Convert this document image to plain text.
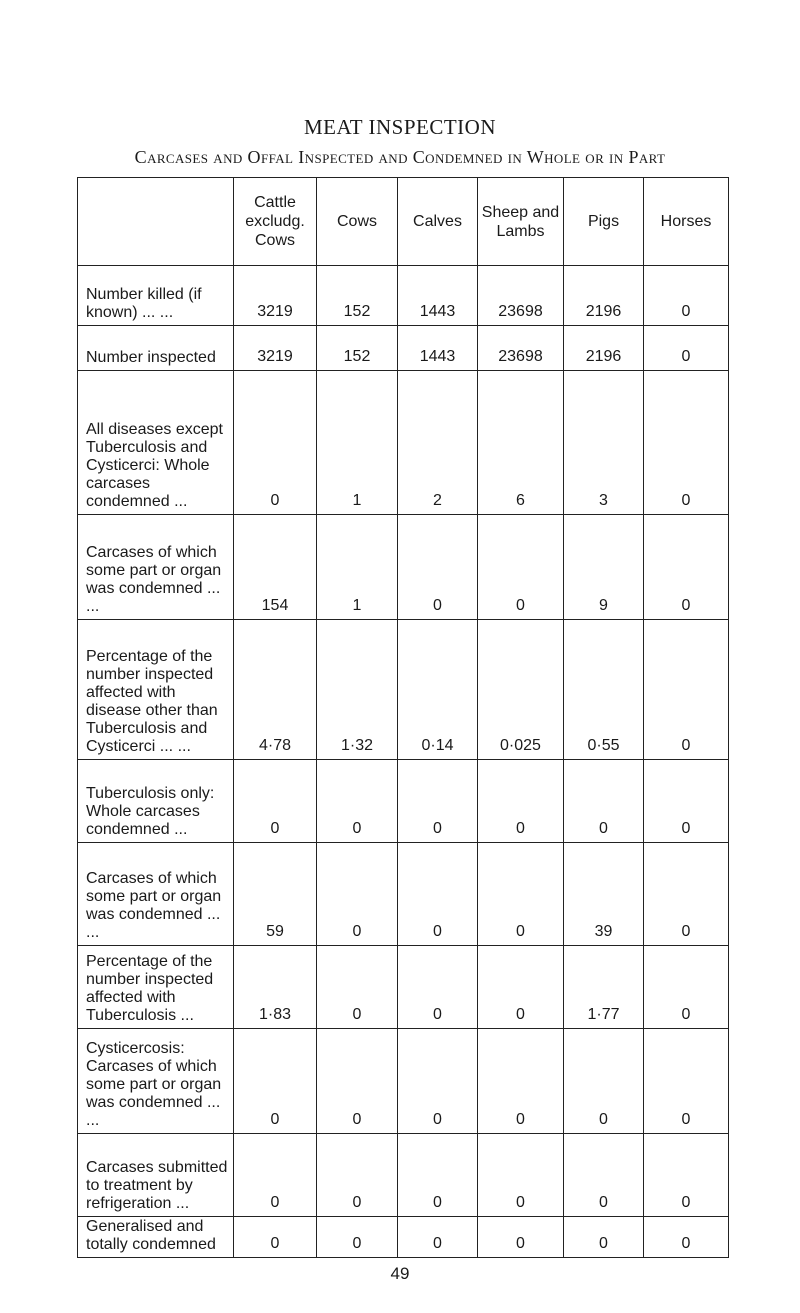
MEAT INSPECTION
Carcases and Offal Inspected and Condemned in Whole or in Part
	Cattle excludg. Cows	Cows	Calves	Sheep and Lambs	Pigs	Horses
Number killed (if known) ... ...	3219	152	1443	23698	2196	0
Number inspected	3219	152	1443	23698	2196	0
All diseases except Tuberculosis and Cysticerci: Whole carcases condemned ...	0	1	2	6	3	0
Carcases of which some part or organ was condemned ... ...	154	1	0	0	9	0
Percentage of the number inspected affected with disease other than Tuberculosis and Cysticerci ... ...	4·78	1·32	0·14	0·025	0·55	0
Tuberculosis only: Whole carcases condemned ...	0	0	0	0	0	0
Carcases of which some part or organ was condemned ... ...	59	0	0	0	39	0
Percentage of the number inspected affected with Tuberculosis ...	1·83	0	0	0	1·77	0
Cysticercosis: Carcases of which some part or organ was condemned ... ...	0	0	0	0	0	0
Carcases submitted to treatment by refrigeration ...	0	0	0	0	0	0
Generalised and totally condemned	0	0	0	0	0	0
49
